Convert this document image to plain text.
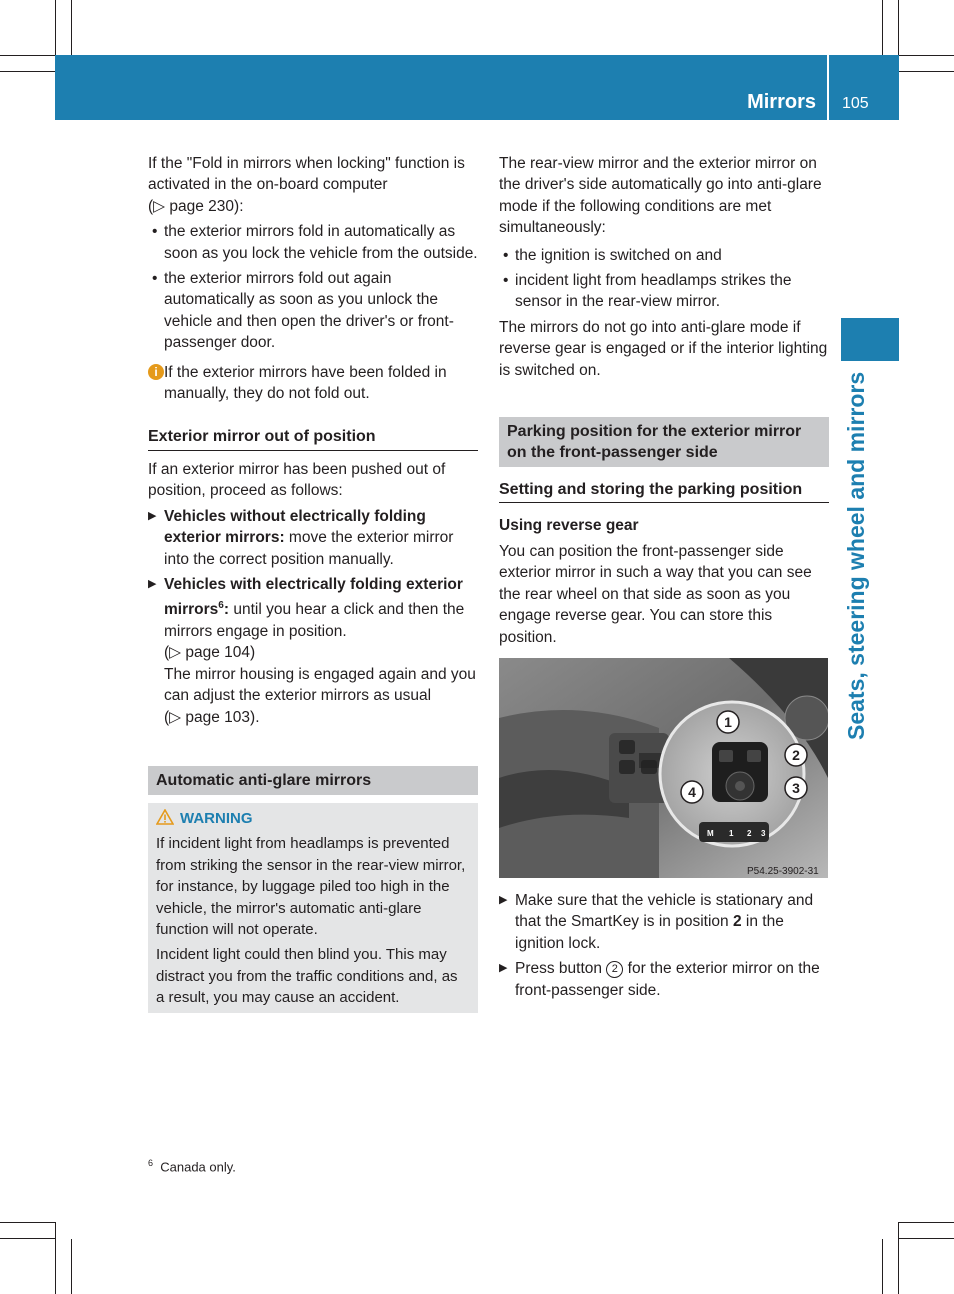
Mirrors 105
Seats, steering wheel and mirrors

If the "Fold in mirrors when locking" function is activated in the on-board computer
(▷ page 230):

• the exterior mirrors fold in automatically as soon as you lock the vehicle from the outside.
• the exterior mirrors fold out again automatically as soon as you unlock the vehicle and then open the driver's or front-passenger door.
i If the exterior mirrors have been folded in manually, they do not fold out.
Exterior mirror out of position

If an exterior mirror has been pushed out of position, proceed as follows:

▶ Vehicles without electrically folding exterior mirrors: move the exterior mirror into the correct position manually.
▶ Vehicles with electrically folding exterior mirrors$^6$: until you hear a click and then the mirrors engage in position.
(▷ page 104)
The mirror housing is engaged again and you can adjust the exterior mirrors as usual
(▷ page 103).
Automatic anti-glare mirrors
WARNING

If incident light from headlamps is prevented from striking the sensor in the rear-view mirror, for instance, by luggage piled too high in the vehicle, the mirror's automatic anti-glare function will not operate.

Incident light could then blind you. This may distract you from the traffic conditions and, as a result, you may cause an accident.

The rear-view mirror and the exterior mirror on the driver's side automatically go into anti-glare mode if the following conditions are met simultaneously:

• the ignition is switched on and
• incident light from headlamps strikes the sensor in the rear-view mirror.

The mirrors do not go into anti-glare mode if reverse gear is engaged or if the interior lighting is switched on.

Parking position for the exterior mirror on the front-passenger side
Setting and storing the parking position
Using reverse gear

You can position the front-passenger side exterior mirror in such a way that you can see the rear wheel on that side as soon as you engage reverse gear. You can store this position.

M 1 2 3
1
2
3
4
P54.25-3902-31
▶ Make sure that the vehicle is stationary and that the SmartKey is in position 2 in the ignition lock.
▶ Press button 2 for the exterior mirror on the front-passenger side.
$^6$ Canada only.
